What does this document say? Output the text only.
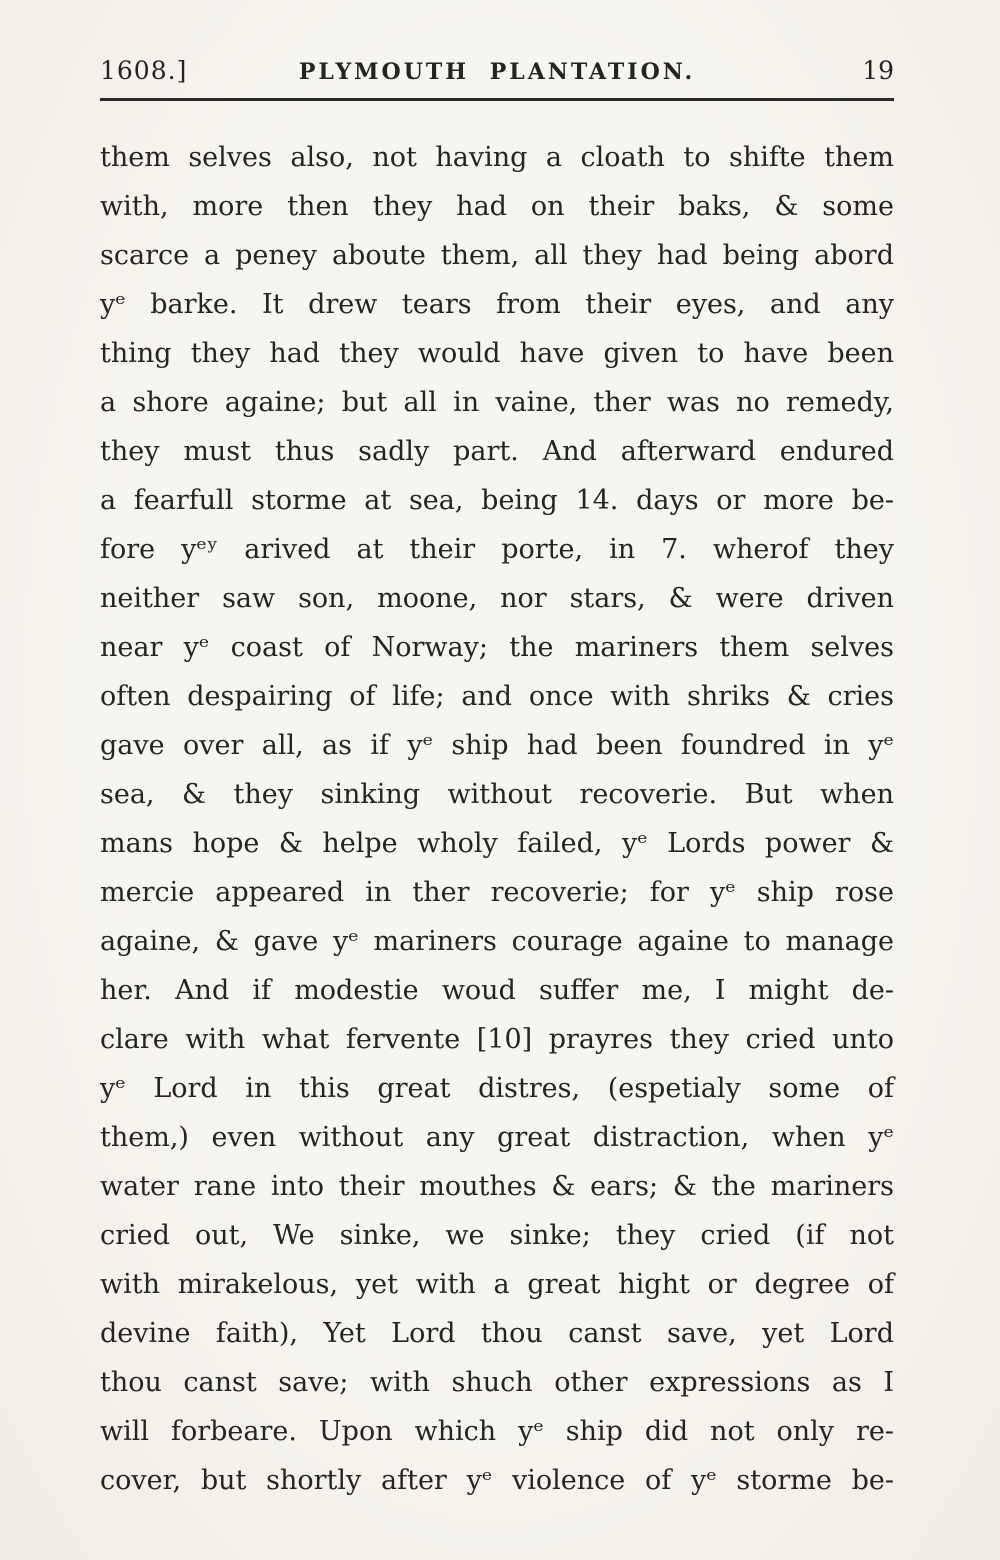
1608.]	PLYMOUTH PLANTATION.	19
them selves also, not having a cloath to shifte them
with, more then they had on their baks, & some
scarce a peney aboute them, all they had being abord
yᵉ barke. It drew tears from their eyes, and any
thing they had they would have given to have been
a shore againe; but all in vaine, ther was no remedy,
they must thus sadly part. And afterward endured
a fearfull storme at sea, being 14. days or more be-
fore yᵉʸ arived at their porte, in 7. wherof they
neither saw son, moone, nor stars, & were driven
near yᵉ coast of Norway; the mariners them selves
often despairing of life; and once with shriks & cries
gave over all, as if yᵉ ship had been foundred in yᵉ
sea, & they sinking without recoverie. But when
mans hope & helpe wholy failed, yᵉ Lords power &
mercie appeared in ther recoverie; for yᵉ ship rose
againe, & gave yᵉ mariners courage againe to manage
her. And if modestie woud suffer me, I might de-
clare with what fervente [10] prayres they cried unto
yᵉ Lord in this great distres, (espetialy some of
them,) even without any great distraction, when yᵉ
water rane into their mouthes & ears; & the mariners
cried out, We sinke, we sinke; they cried (if not
with mirakelous, yet with a great hight or degree of
devine faith), Yet Lord thou canst save, yet Lord
thou canst save; with shuch other expressions as I
will forbeare. Upon which yᵉ ship did not only re-
cover, but shortly after yᵉ violence of yᵉ storme be-
